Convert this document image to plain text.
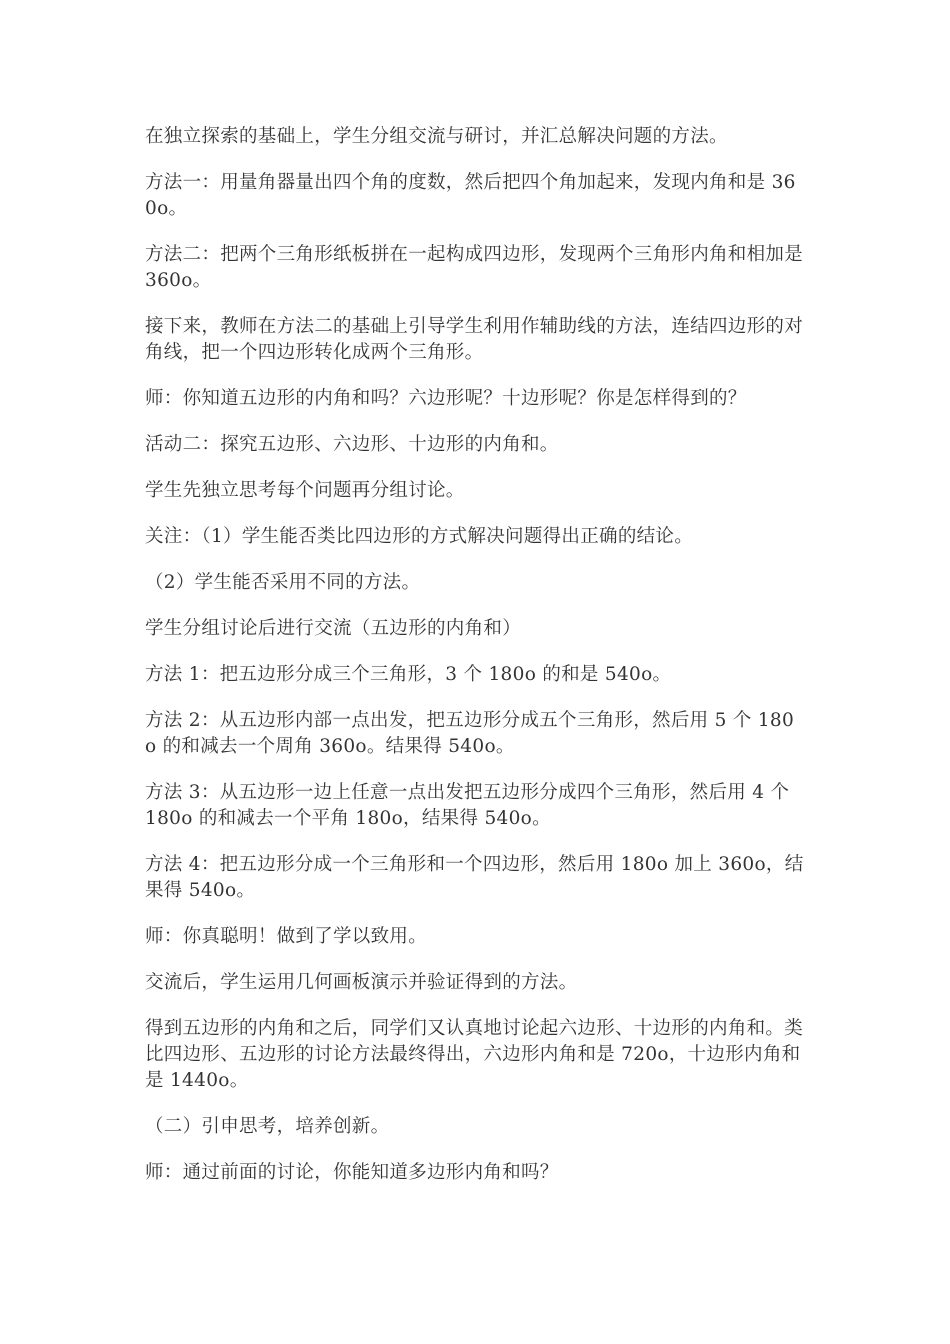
在独立探索的基础上，学生分组交流与研讨，并汇总解决问题的方法。

方法一：用量角器量出四个角的度数，然后把四个角加起来，发现内角和是 360o。

方法二：把两个三角形纸板拼在一起构成四边形，发现两个三角形内角和相加是 360o。

接下来，教师在方法二的基础上引导学生利用作辅助线的方法，连结四边形的对角线，把一个四边形转化成两个三角形。

师：你知道五边形的内角和吗？六边形呢？十边形呢？你是怎样得到的？

活动二：探究五边形、六边形、十边形的内角和。

学生先独立思考每个问题再分组讨论。

关注：（1）学生能否类比四边形的方式解决问题得出正确的结论。

（2）学生能否采用不同的方法。

学生分组讨论后进行交流（五边形的内角和）

方法 1：把五边形分成三个三角形，3 个 180o 的和是 540o。

方法 2：从五边形内部一点出发，把五边形分成五个三角形，然后用 5 个 180o 的和减去一个周角 360o。结果得 540o。

方法 3：从五边形一边上任意一点出发把五边形分成四个三角形，然后用 4 个 180o 的和减去一个平角 180o，结果得 540o。

方法 4：把五边形分成一个三角形和一个四边形，然后用 180o 加上 360o，结果得 540o。

师：你真聪明！做到了学以致用。

交流后，学生运用几何画板演示并验证得到的方法。

得到五边形的内角和之后，同学们又认真地讨论起六边形、十边形的内角和。类比四边形、五边形的讨论方法最终得出，六边形内角和是 720o，十边形内角和是 1440o。

（二）引申思考，培养创新。

师：通过前面的讨论，你能知道多边形内角和吗？
